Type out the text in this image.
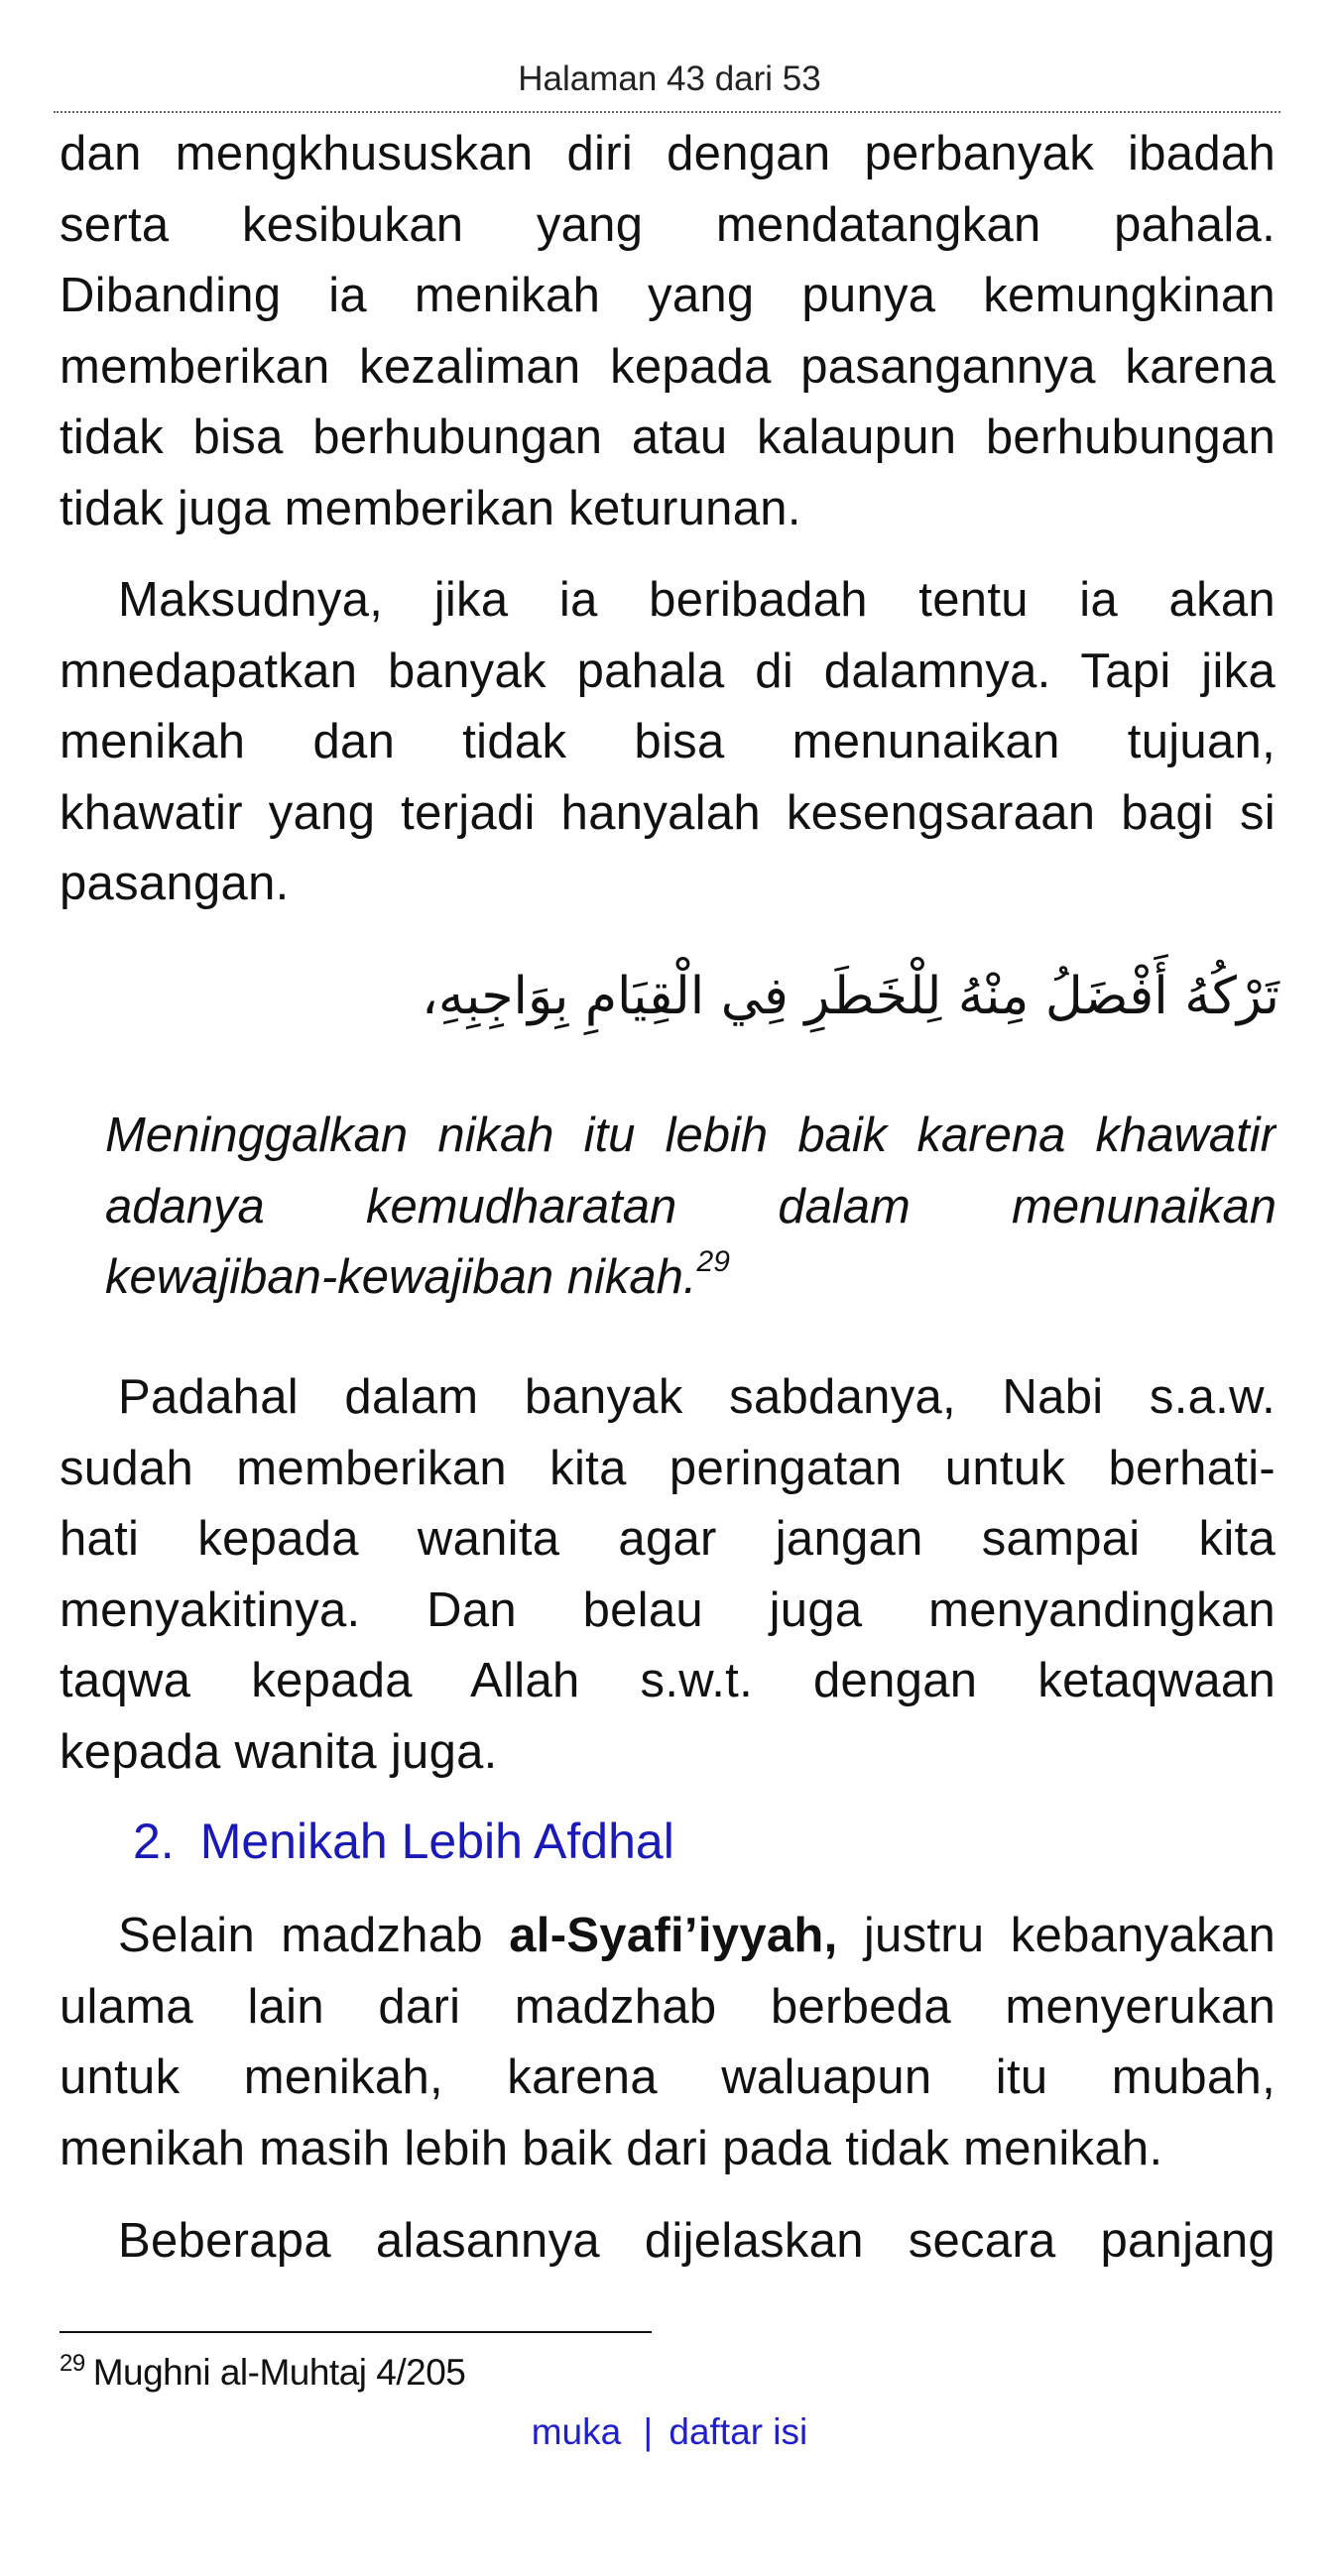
Halaman 43 dari 53
dan mengkhususkan diri dengan perbanyak ibadah
serta kesibukan yang mendatangkan pahala.
Dibanding ia menikah yang punya kemungkinan
memberikan kezaliman kepada pasangannya karena
tidak bisa berhubungan atau kalaupun berhubungan
tidak juga memberikan keturunan.
Maksudnya, jika ia beribadah tentu ia akan
mnedapatkan banyak pahala di dalamnya. Tapi jika
menikah dan tidak bisa menunaikan tujuan,
khawatir yang terjadi hanyalah kesengsaraan bagi si
pasangan.
تَرْكُهُ أَفْضَلُ مِنْهُ لِلْخَطَرِ فِي الْقِيَامِ بِوَاجِبِهِ،
Meninggalkan nikah itu lebih baik karena khawatir
adanya kemudharatan dalam menunaikan
kewajiban-kewajiban nikah.$^{29}$
Padahal dalam banyak sabdanya, Nabi s.a.w.
sudah memberikan kita peringatan untuk berhati-
hati kepada wanita agar jangan sampai kita
menyakitinya. Dan belau juga menyandingkan
taqwa kepada Allah s.w.t. dengan ketaqwaan
kepada wanita juga.
2. Menikah Lebih Afdhal
Selain madzhab al-Syafi’iyyah, justru kebanyakan
ulama lain dari madzhab berbeda menyerukan
untuk menikah, karena waluapun itu mubah,
menikah masih lebih baik dari pada tidak menikah.
Beberapa alasannya dijelaskan secara panjang
$^{29}$ Mughni al-Muhtaj 4/205
muka | daftar isi
